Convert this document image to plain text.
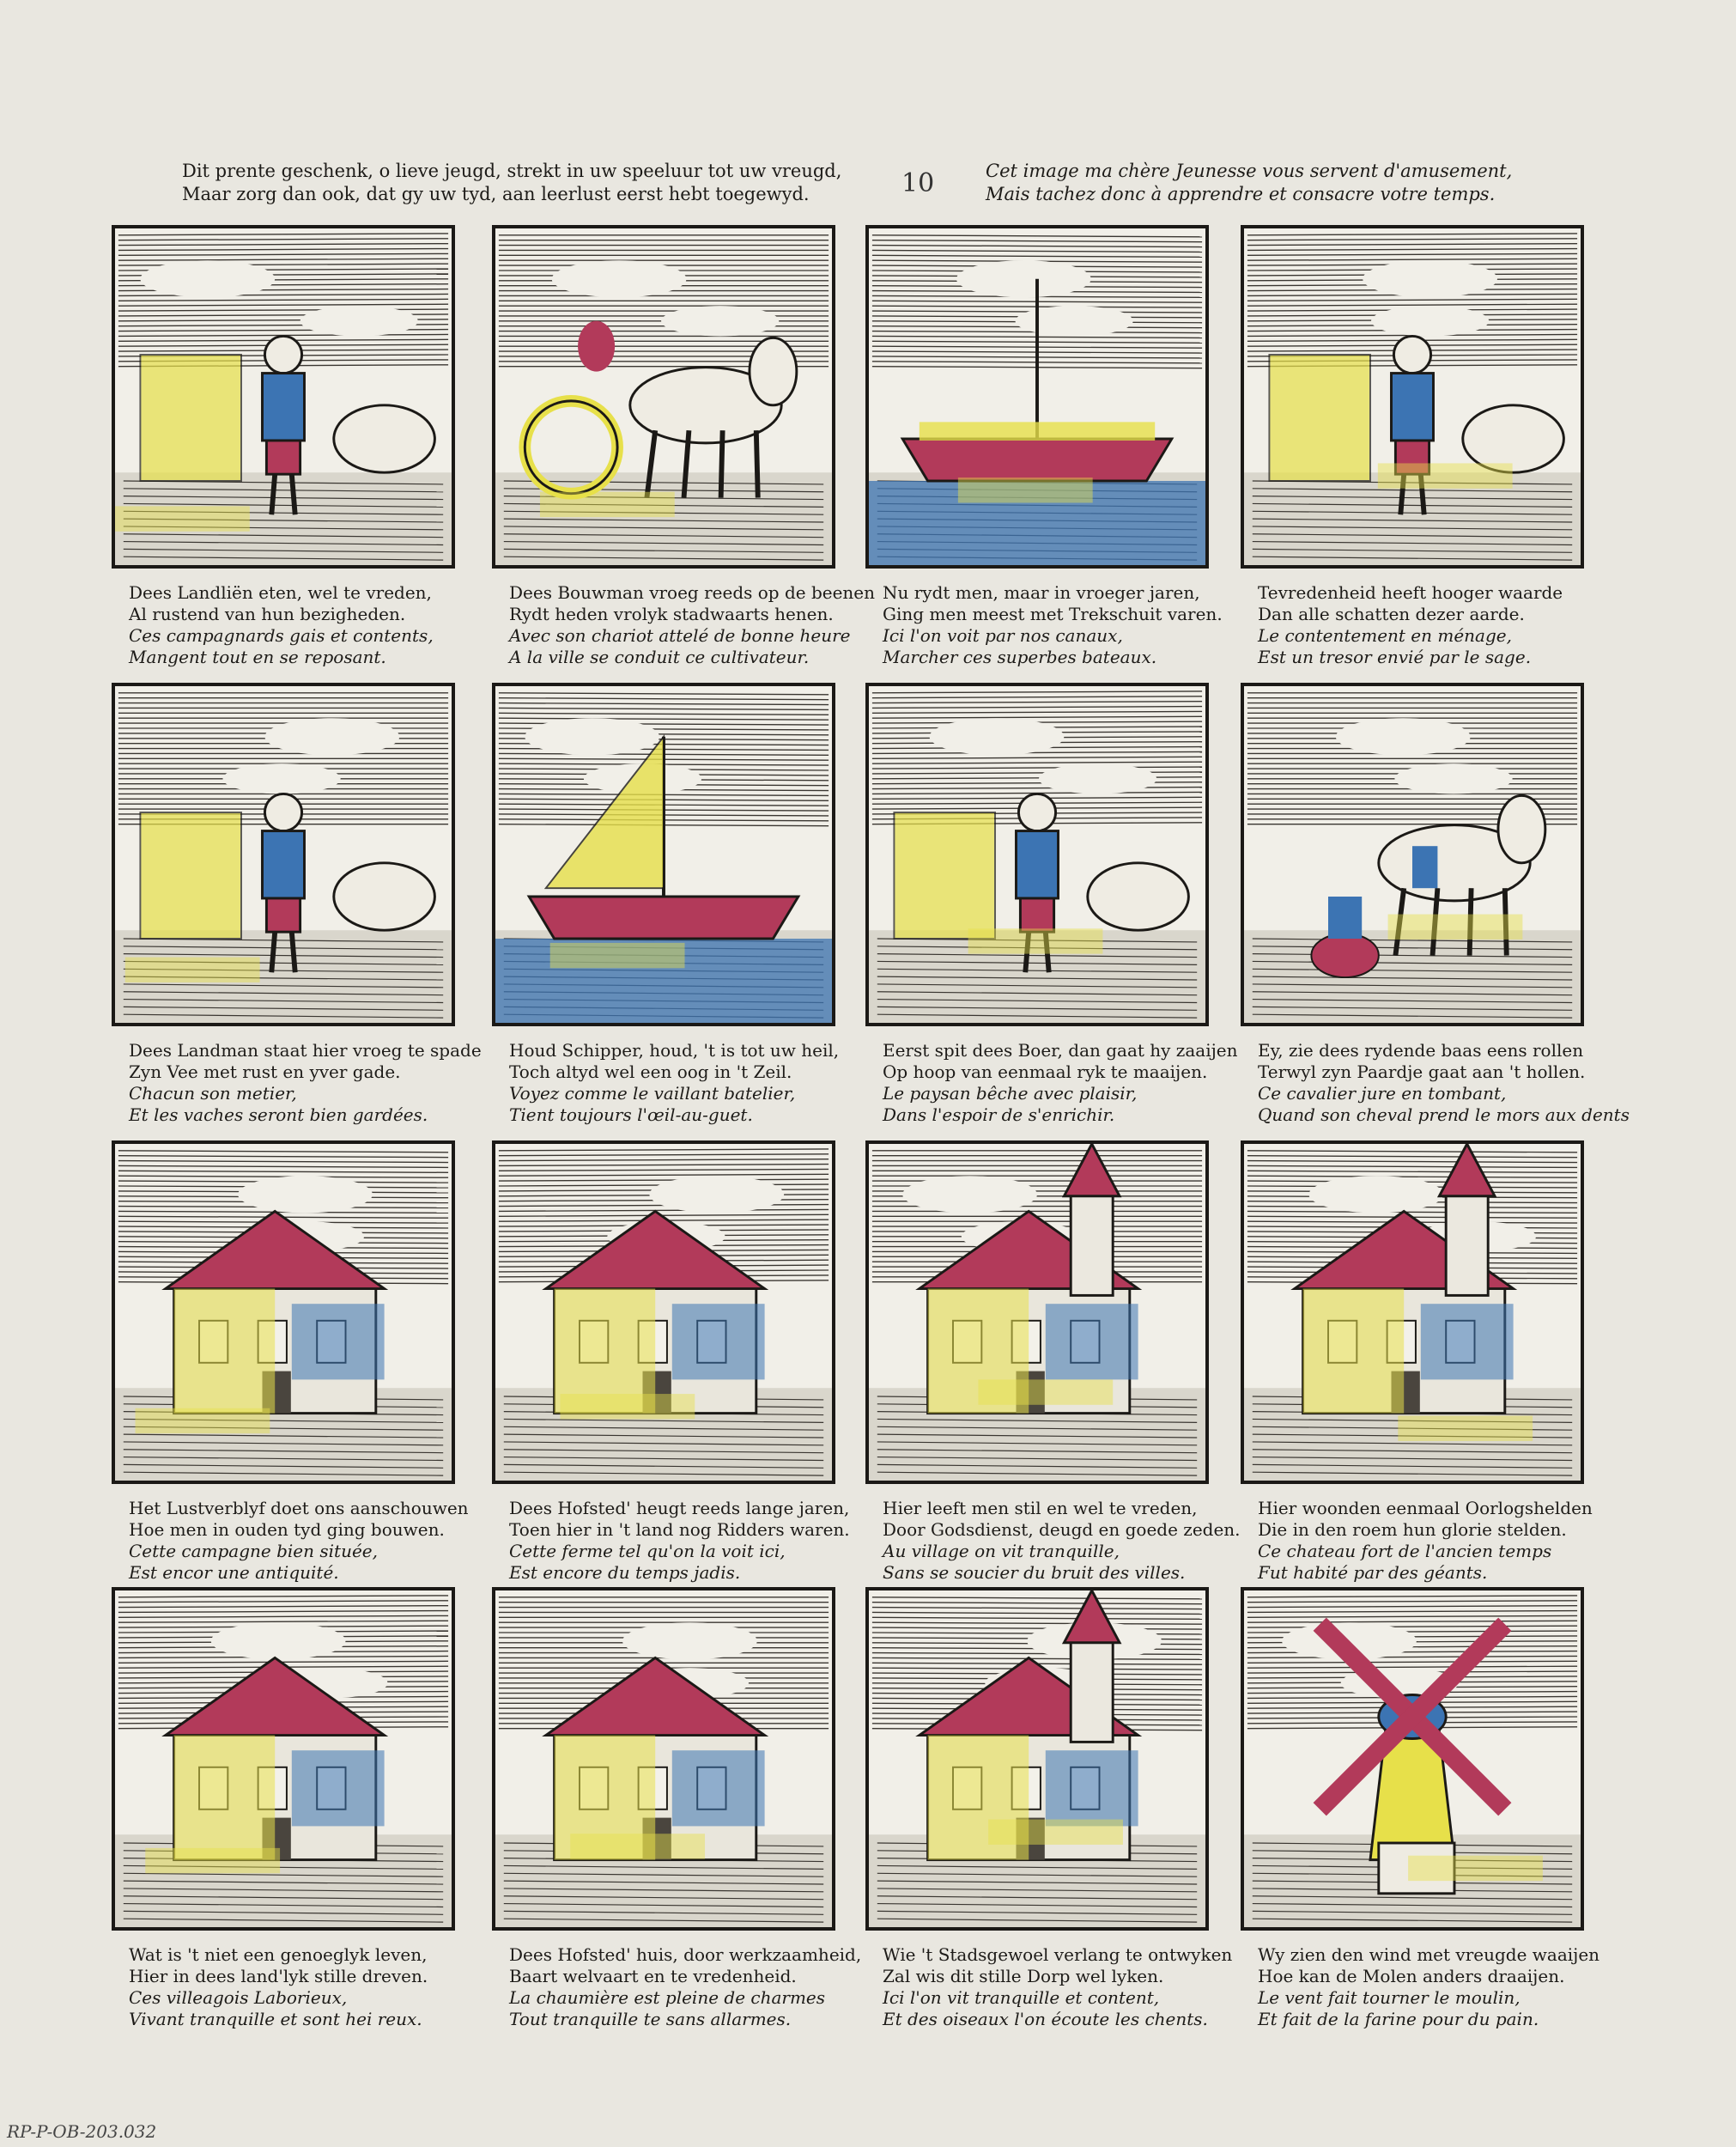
Dit prente geschenk, o lieve jeugd, strekt in uw speeluur tot uw vreugd,
Maar zorg dan ook, dat gy uw tyd, aan leerlust eerst hebt toegewyd.	10	Cet image ma chère Jeunesse vous servent d'amusement,
Mais tachez donc à apprendre et consacre votre temps.
Dees Landliën eten, wel te vreden,
Al rustend van hun bezigheden.
Ces campagnards gais et contents,
Mangent tout en se reposant.
Dees Bouwman vroeg reeds op de beenen
Rydt heden vrolyk stadwaarts henen.
Avec son chariot attelé de bonne heure
A la ville se conduit ce cultivateur.
Nu rydt men, maar in vroeger jaren,
Ging men meest met Trekschuit varen.
Ici l'on voit par nos canaux,
Marcher ces superbes bateaux.
Tevredenheid heeft hooger waarde
Dan alle schatten dezer aarde.
Le contentement en ménage,
Est un tresor envié par le sage.
Dees Landman staat hier vroeg te spade
Zyn Vee met rust en yver gade.
Chacun son metier,
Et les vaches seront bien gardées.
Houd Schipper, houd, 't is tot uw heil,
Toch altyd wel een oog in 't Zeil.
Voyez comme le vaillant batelier,
Tient toujours l'œil-au-guet.
Eerst spit dees Boer, dan gaat hy zaaijen
Op hoop van eenmaal ryk te maaijen.
Le paysan bêche avec plaisir,
Dans l'espoir de s'enrichir.
Ey, zie dees rydende baas eens rollen
Terwyl zyn Paardje gaat aan 't hollen.
Ce cavalier jure en tombant,
Quand son cheval prend le mors aux dents
Het Lustverblyf doet ons aanschouwen
Hoe men in ouden tyd ging bouwen.
Cette campagne bien située,
Est encor une antiquité.
Dees Hofsted' heugt reeds lange jaren,
Toen hier in 't land nog Ridders waren.
Cette ferme tel qu'on la voit ici,
Est encore du temps jadis.
Hier leeft men stil en wel te vreden,
Door Godsdienst, deugd en goede zeden.
Au village on vit tranquille,
Sans se soucier du bruit des villes.
Hier woonden eenmaal Oorlogshelden
Die in den roem hun glorie stelden.
Ce chateau fort de l'ancien temps
Fut habité par des géants.
Wat is 't niet een genoeglyk leven,
Hier in dees land'lyk stille dreven.
Ces villeagois Laborieux,
Vivant tranquille et sont hei reux.
Dees Hofsted' huis, door werkzaamheid,
Baart welvaart en te vredenheid.
La chaumière est pleine de charmes
Tout tranquille te sans allarmes.
Wie 't Stadsgewoel verlang te ontwyken
Zal wis dit stille Dorp wel lyken.
Ici l'on vit tranquille et content,
Et des oiseaux l'on écoute les chents.
Wy zien den wind met vreugde waaijen
Hoe kan de Molen anders draaijen.
Le vent fait tourner le moulin,
Et fait de la farine pour du pain.
RP-P-OB-203.032
